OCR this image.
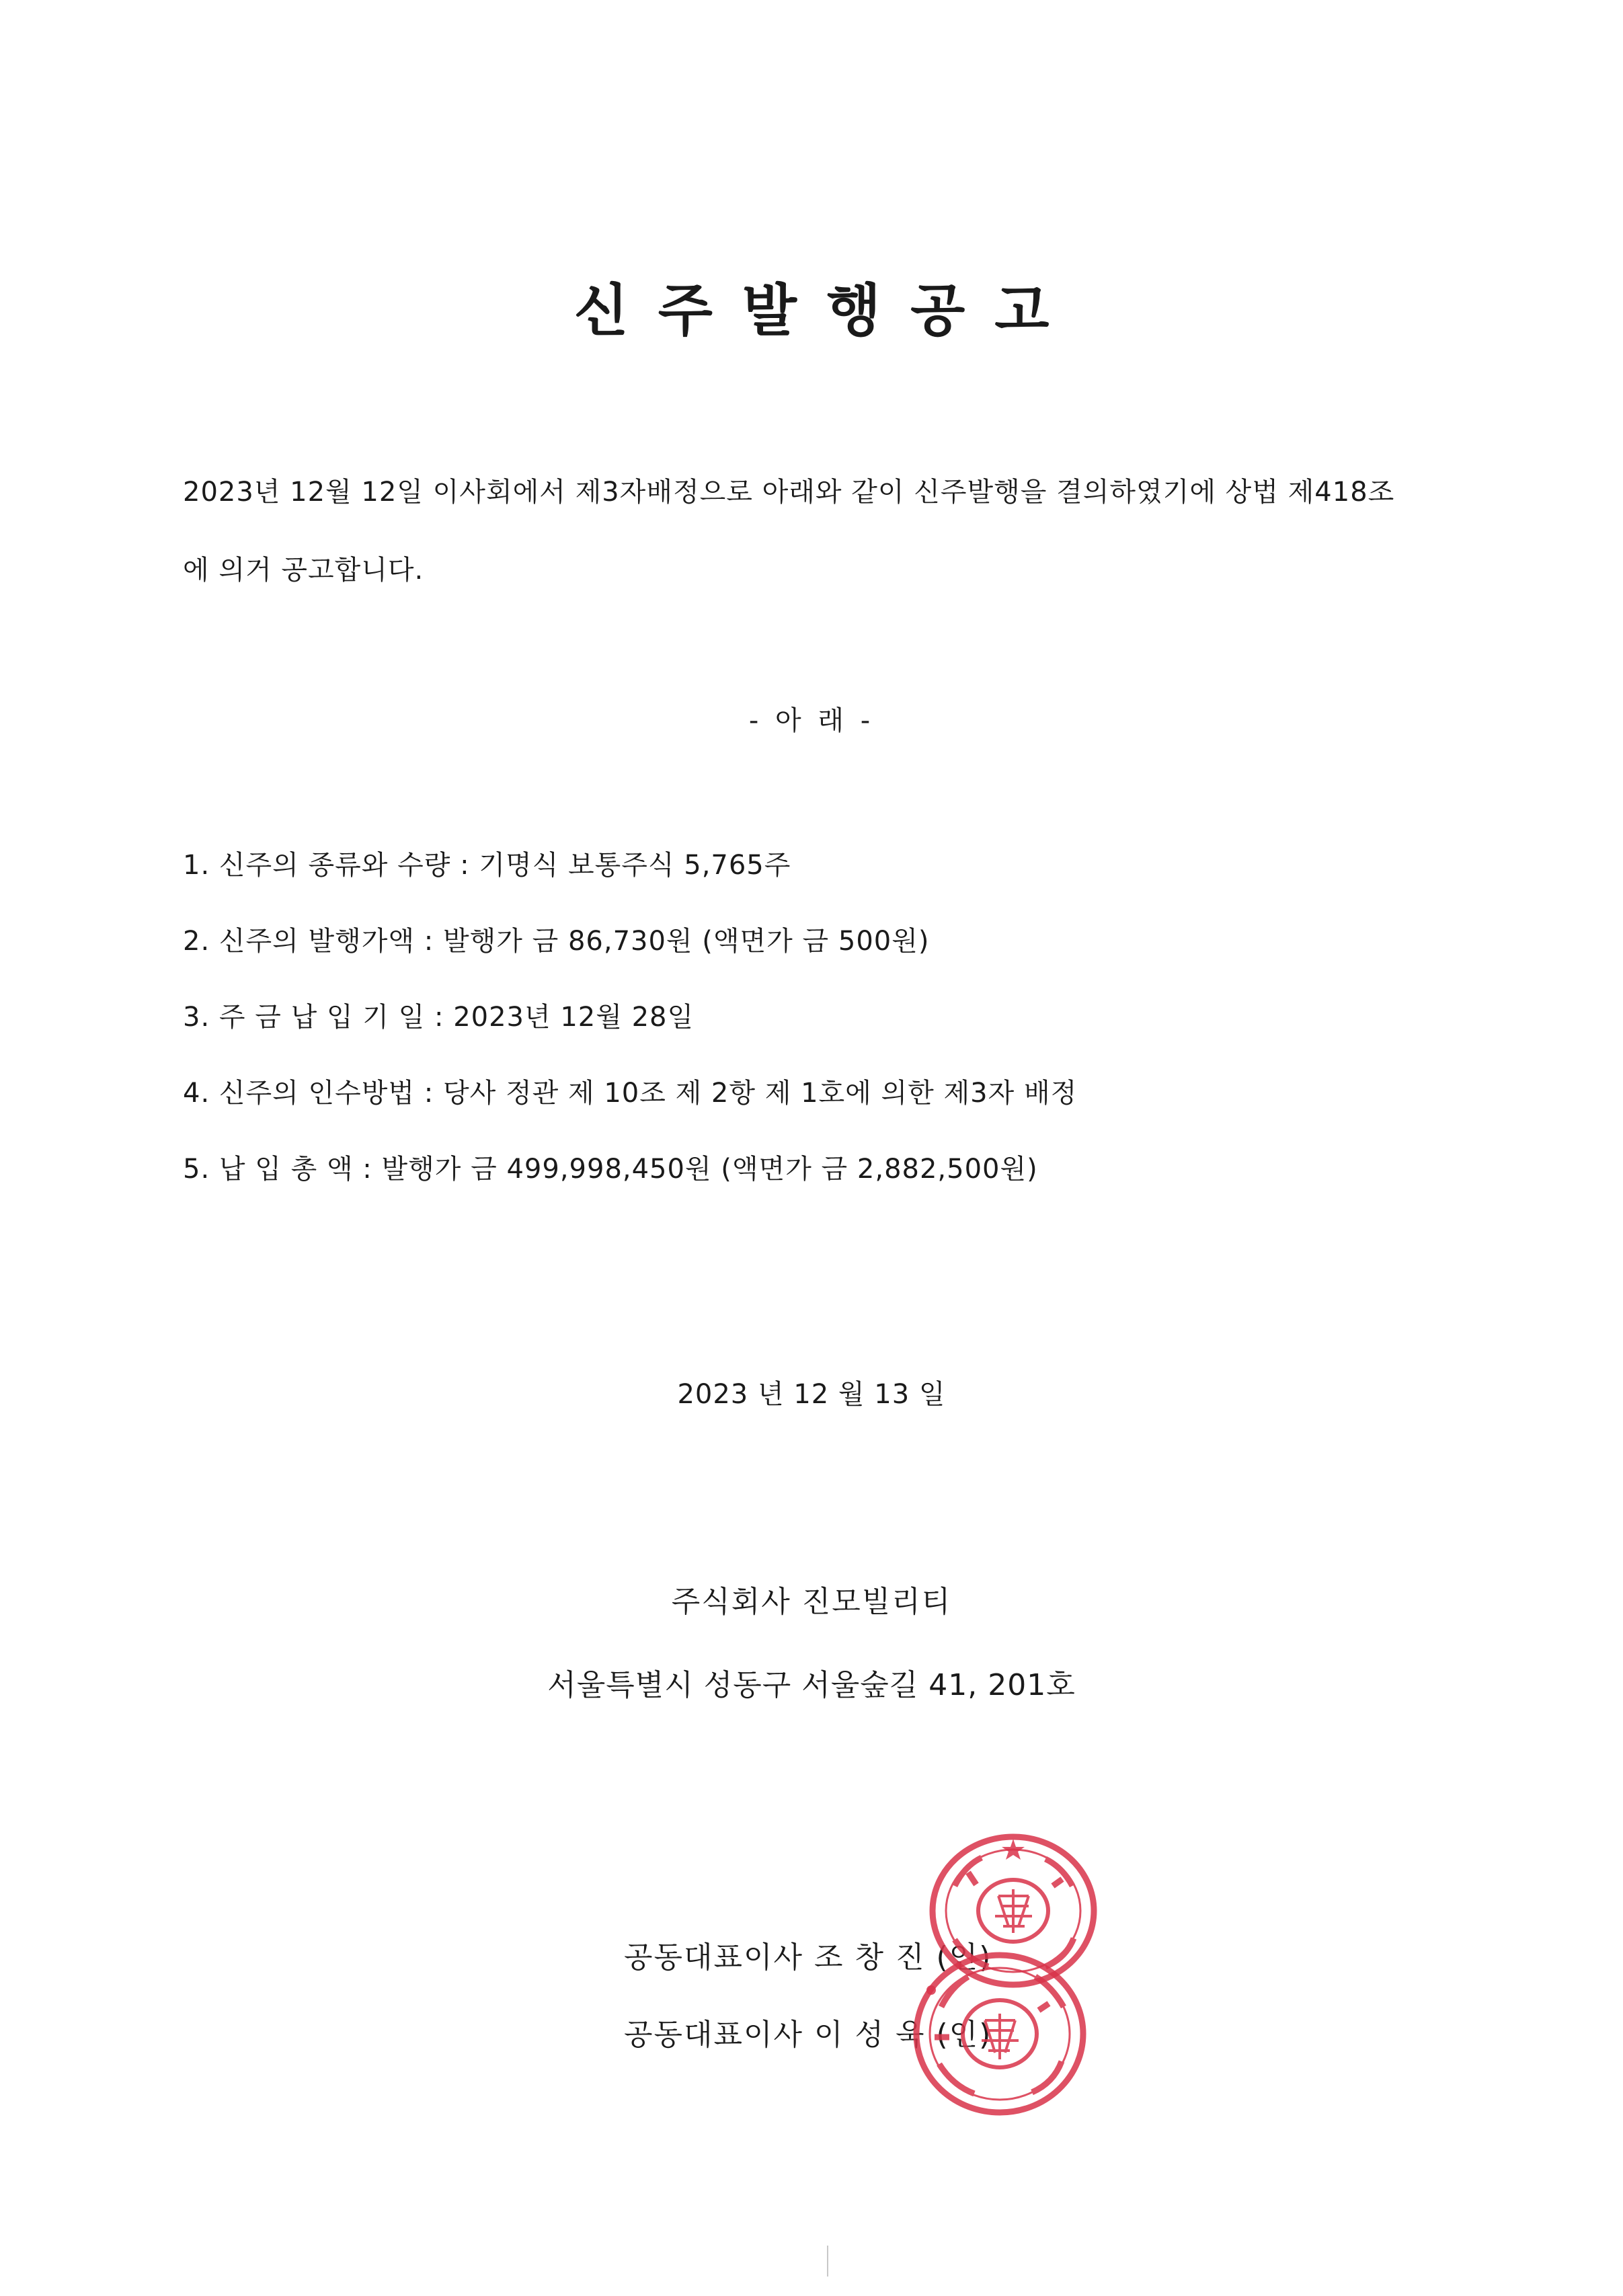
신주발행공고
2023년 12월 12일 이사회에서 제3자배정으로 아래와 같이 신주발행을 결의하였기에 상법 제418조
에 의거 공고합니다.
- 아 래 -
1. 신주의 종류와 수량 : 기명식 보통주식 5,765주
2. 신주의 발행가액 : 발행가 금 86,730원 (액면가 금 500원)
3. 주 금 납 입 기 일 : 2023년 12월 28일
4. 신주의 인수방법 : 당사 정관 제 10조 제 2항 제 1호에 의한 제3자 배정
5. 납 입 총 액 : 발행가 금 499,998,450원 (액면가 금 2,882,500원)
2023 년 12 월 13 일
주식회사 진모빌리티
서울특별시 성동구 서울숲길 41, 201호
공동대표이사 조 창 진 (인)
공동대표이사 이 성 욱 (인)
